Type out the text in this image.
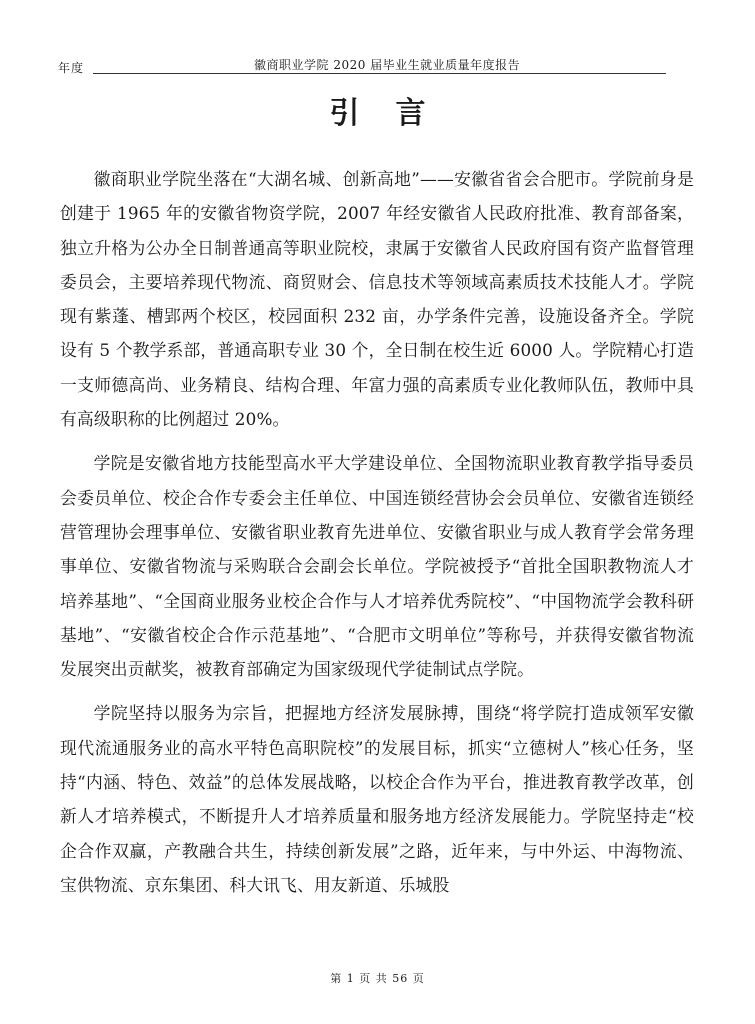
年度	徽商职业学院 2020 届毕业生就业质量年度报告
引言

徽商职业学院坐落在“大湖名城、创新高地”——安徽省省会合肥市。学院前身是创建于 1965 年的安徽省物资学院，2007 年经安徽省人民政府批准、教育部备案，独立升格为公办全日制普通高等职业院校，隶属于安徽省人民政府国有资产监督管理委员会，主要培养现代物流、商贸财会、信息技术等领域高素质技术技能人才。学院现有紫蓬、槽郢两个校区，校园面积 232 亩，办学条件完善，设施设备齐全。学院设有 5 个教学系部，普通高职专业 30 个，全日制在校生近 6000 人。学院精心打造一支师德高尚、业务精良、结构合理、年富力强的高素质专业化教师队伍，教师中具有高级职称的比例超过 20%。

学院是安徽省地方技能型高水平大学建设单位、全国物流职业教育教学指导委员会委员单位、校企合作专委会主任单位、中国连锁经营协会会员单位、安徽省连锁经营管理协会理事单位、安徽省职业教育先进单位、安徽省职业与成人教育学会常务理事单位、安徽省物流与采购联合会副会长单位。学院被授予“首批全国职教物流人才培养基地”、“全国商业服务业校企合作与人才培养优秀院校”、“中国物流学会教科研基地”、“安徽省校企合作示范基地”、“合肥市文明单位”等称号，并获得安徽省物流发展突出贡献奖，被教育部确定为国家级现代学徒制试点学院。

学院坚持以服务为宗旨，把握地方经济发展脉搏，围绕“将学院打造成领军安徽现代流通服务业的高水平特色高职院校”的发展目标，抓实“立德树人”核心任务，坚持“内涵、特色、效益”的总体发展战略，以校企合作为平台，推进教育教学改革，创新人才培养模式，不断提升人才培养质量和服务地方经济发展能力。学院坚持走“校企合作双赢，产教融合共生，持续创新发展”之路，近年来，与中外运、中海物流、宝供物流、京东集团、科大讯飞、用友新道、乐城股

第 1 页 共 56 页
